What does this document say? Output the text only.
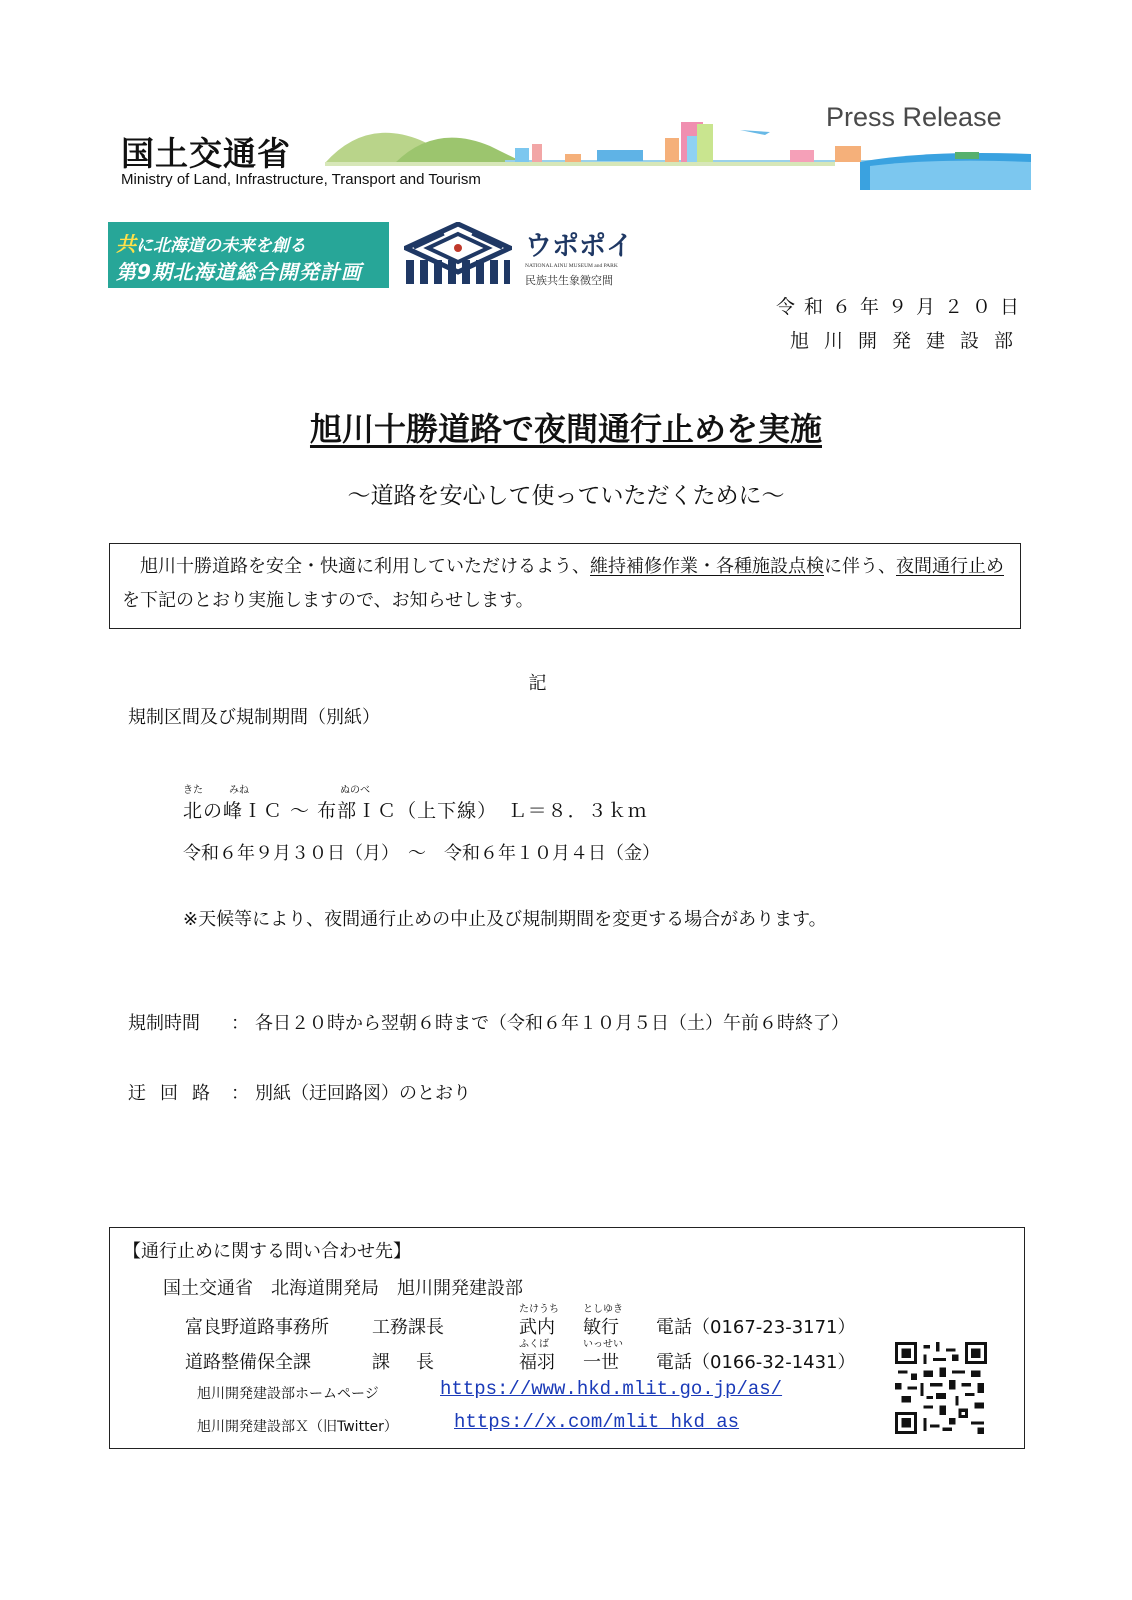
国土交通省
Ministry of Land, Infrastructure, Transport and Tourism
Press Release
共に北海道の未来を創る
第9期北海道総合開発計画
ウポポイ
NATIONAL AINU MUSEUM and PARK
民族共生象徴空間
令和６年９月２０日
旭川開発建設部
旭川十勝道路で夜間通行止めを実施
～道路を安心して使っていただくために～
　旭川十勝道路を安全・快適に利用していただけるよう、維持補修作業・各種施設点検に伴う、夜間通行止めを下記のとおり実施しますので、お知らせします。
記
規制区間及び規制期間（別紙）
きた	みね	ぬのべ
北の峰ＩＣ ～ 布部ＩＣ（上下線）　Ｌ＝８．３ｋｍ
令和６年９月３０日（月）　～　令和６年１０月４日（金）
※天候等により、夜間通行止めの中止及び規制期間を変更する場合があります。
規制時間 ： 各日２０時から翌朝６時まで（令和６年１０月５日（土）午前６時終了）
迂回路 ： 別紙（迂回路図）のとおり
【通行止めに関する問い合わせ先】
国土交通省　北海道開発局　旭川開発建設部
たけうち としゆき
富良野道路事務所 工務課長	武内 敏行 電話（0167-23-3171）
ふくば	いっせい
道路整備保全課	課長	福羽 一世 電話（0166-32-1431）
旭川開発建設部ホームページ	https://www.hkd.mlit.go.jp/as/
旭川開発建設部Ｘ（旧Twitter）	https://x.com/mlit_hkd_as
